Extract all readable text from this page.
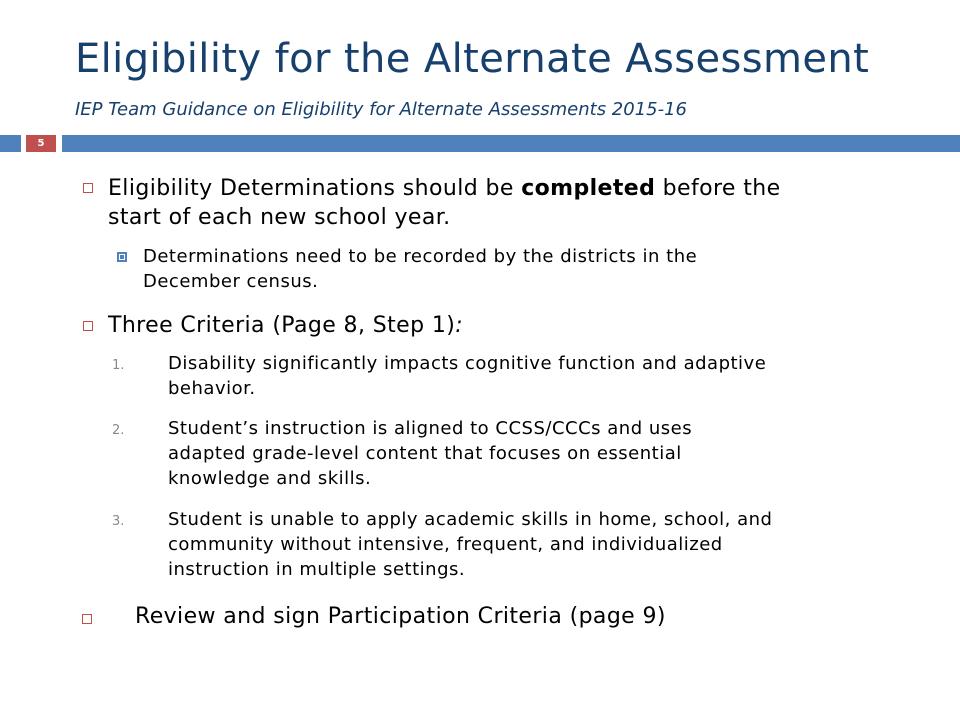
Eligibility for the Alternate Assessment
IEP Team Guidance on Eligibility for Alternate Assessments 2015-16
5
Eligibility Determinations should be completed before the
start of each new school year.
Determinations need to be recorded by the districts in the
December census.
Three Criteria (Page 8, Step 1):
1. Disability significantly impacts cognitive function and adaptive
behavior.
2. Student’s instruction is aligned to CCSS/CCCs and uses
adapted grade-level content that focuses on essential
knowledge and skills.
3. Student is unable to apply academic skills in home, school, and
community without intensive, frequent, and individualized
instruction in multiple settings.
Review and sign Participation Criteria (page 9)
